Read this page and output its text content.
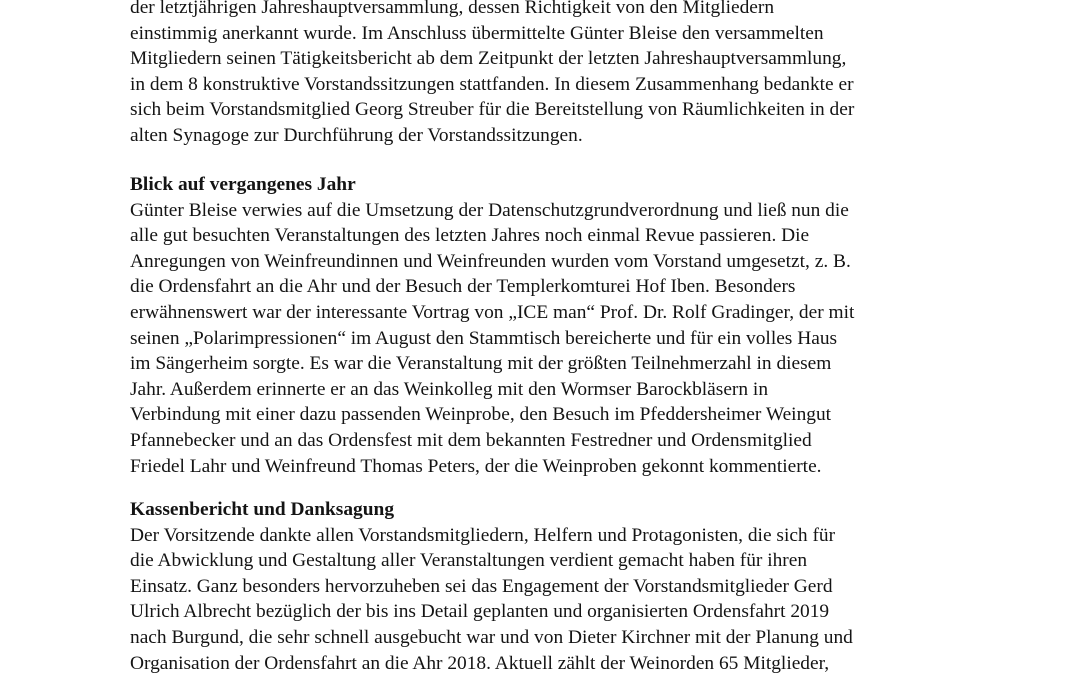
der letztjährigen Jahreshauptversammlung, dessen Richtigkeit von den Mitgliedern
einstimmig anerkannt wurde. Im Anschluss übermittelte Günter Bleise den versammelten
Mitgliedern seinen Tätigkeitsbericht ab dem Zeitpunkt der letzten Jahreshauptversammlung,
in dem 8 konstruktive Vorstandssitzungen stattfanden. In diesem Zusammenhang bedankte er
sich beim Vorstandsmitglied Georg Streuber für die Bereitstellung von Räumlichkeiten in der
alten Synagoge zur Durchführung der Vorstandssitzungen.
Blick auf vergangenes Jahr
Günter Bleise verwies auf die Umsetzung der Datenschutzgrundverordnung und ließ nun die
alle gut besuchten Veranstaltungen des letzten Jahres noch einmal Revue passieren. Die
Anregungen von Weinfreundinnen und Weinfreunden wurden vom Vorstand umgesetzt, z. B.
die Ordensfahrt an die Ahr und der Besuch der Templerkomturei Hof Iben. Besonders
erwähnenswert war der interessante Vortrag von „ICE man“ Prof. Dr. Rolf Gradinger, der mit
seinen „Polarimpressionen“ im August den Stammtisch bereicherte und für ein volles Haus
im Sängerheim sorgte. Es war die Veranstaltung mit der größten Teilnehmerzahl in diesem
Jahr. Außerdem erinnerte er an das Weinkolleg mit den Wormser Barockbläsern in
Verbindung mit einer dazu passenden Weinprobe, den Besuch im Pfeddersheimer Weingut
Pfannebecker und an das Ordensfest mit dem bekannten Festredner und Ordensmitglied
Friedel Lahr und Weinfreund Thomas Peters, der die Weinproben gekonnt kommentierte.
Kassenbericht und Danksagung
Der Vorsitzende dankte allen Vorstandsmitgliedern, Helfern und Protagonisten, die sich für
die Abwicklung und Gestaltung aller Veranstaltungen verdient gemacht haben für ihren
Einsatz. Ganz besonders hervorzuheben sei das Engagement der Vorstandsmitglieder Gerd
Ulrich Albrecht bezüglich der bis ins Detail geplanten und organisierten Ordensfahrt 2019
nach Burgund, die sehr schnell ausgebucht war und von Dieter Kirchner mit der Planung und
Organisation der Ordensfahrt an die Ahr 2018. Aktuell zählt der Weinorden 65 Mitglieder,
